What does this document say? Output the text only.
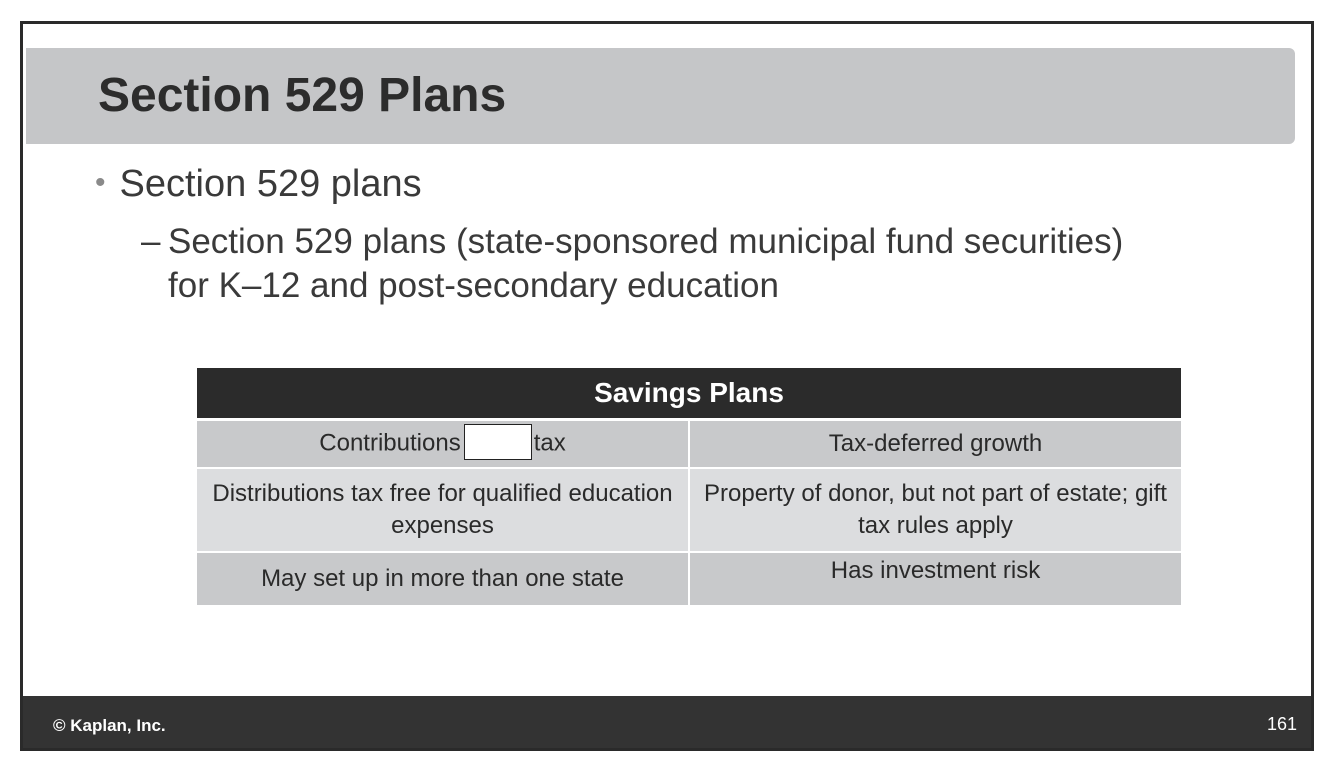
Section 529 Plans
• Section 529 plans
– Section 529 plans (state-sponsored municipal fund securities)
for K–12 and post-secondary education
Savings Plans	
Contributions tax	Tax-deferred growth
Distributions tax free for qualified education expenses	Property of donor, but not part of estate; gift tax rules apply
May set up in more than one state	Has investment risk
© Kaplan, Inc.	161
